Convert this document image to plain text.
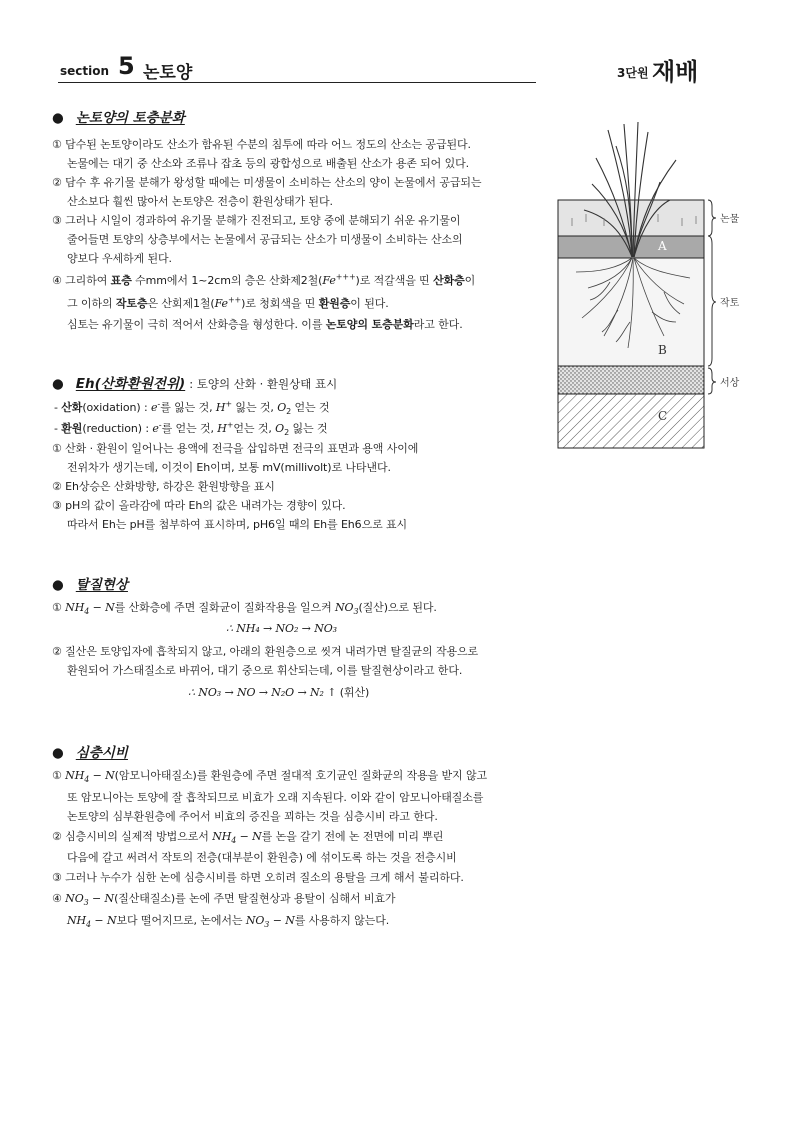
section 5 논토양	3단원 재배
● 논토양의 토층분화
① 담수된 논토양이라도 산소가 함유된 수분의 침투에 따라 어느 정도의 산소는 공급된다.
논물에는 대기 중 산소와 조류나 잡초 등의 광합성으로 배출된 산소가 용존 되어 있다.
② 담수 후 유기물 분해가 왕성할 때에는 미생물이 소비하는 산소의 양이 논물에서 공급되는
산소보다 훨씬 많아서 논토양은 전층이 환원상태가 된다.
③ 그러나 시일이 경과하여 유기물 분해가 진전되고, 토양 중에 분해되기 쉬운 유기물이
줄어들면 토양의 상층부에서는 논물에서 공급되는 산소가 미생물이 소비하는 산소의
양보다 우세하게 된다.
④ 그리하여 표층 수mm에서 1~2cm의 층은 산화제2철(Fe+++)로 적갈색을 띤 산화층이
그 이하의 작토층은 산회제1철(Fe++)로 청회색을 띤 환원층이 된다.
심토는 유기물이 극히 적어서 산화층을 형성한다. 이를 논토양의 토층분화라고 한다.
● Eh(산화환원전위) : 토양의 산화 · 환원상태 표시
- 산화(oxidation) : e-를 잃는 것, H+ 잃는 것, $O_2$ 얻는 것
- 환원(reduction) : e-를 얻는 것, H+얻는 것, $O_2$ 잃는 것
① 산화 · 환원이 일어나는 용액에 전극을 삽입하면 전극의 표면과 용액 사이에
전위차가 생기는데, 이것이 Eh이며, 보통 mV(millivolt)로 나타낸다.
② Eh상승은 산화방향, 하강은 환원방향을 표시
③ pH의 값이 올라감에 따라 Eh의 값은 내려가는 경향이 있다.
따라서 Eh는 pH를 첨부하여 표시하며, pH6일 때의 Eh를 Eh6으로 표시
● 탈질현상
① $NH_4 - N$를 산화층에 주면 질화균이 질화작용을 일으켜 $NO_3$(질산)으로 된다.
∴ NH₄ → NO₂ → NO₃
② 질산은 토양입자에 흡착되지 않고, 아래의 환원층으로 씻겨 내려가면 탈질균의 작용으로
환원되어 가스태질소로 바뀌어, 대기 중으로 휘산되는데, 이를 탈질현상이라고 한다.
∴ NO₃ → NO → N₂O → N₂ ↑ (휘산)
● 심층시비
① $NH_4 - N$(암모니아태질소)를 환원층에 주면 절대적 호기균인 질화균의 작용을 받지 않고
또 암모니아는 토양에 잘 흡착되므로 비효가 오래 지속된다. 이와 같이 암모니아태질소를
논토양의 심부환원층에 주어서 비효의 증진을 꾀하는 것을 심층시비 라고 한다.
② 심층시비의 실제적 방법으로서 $NH_4 - N$를 논을 갈기 전에 논 전면에 미리 뿌린
다음에 갈고 써려서 작토의 전층(대부분이 환원층) 에 섞이도록 하는 것을 전층시비
③ 그러나 누수가 심한 논에 심층시비를 하면 오히려 질소의 용탈을 크게 해서 불리하다.
④ $NO_3 - N$(질산태질소)를 논에 주면 탈질현상과 용탈이 심해서 비효가
$NH_4 - N$보다 떨어지므로, 논에서는 $NO_3 - N$를 사용하지 않는다.
A
B
C
논물
작토
서상
